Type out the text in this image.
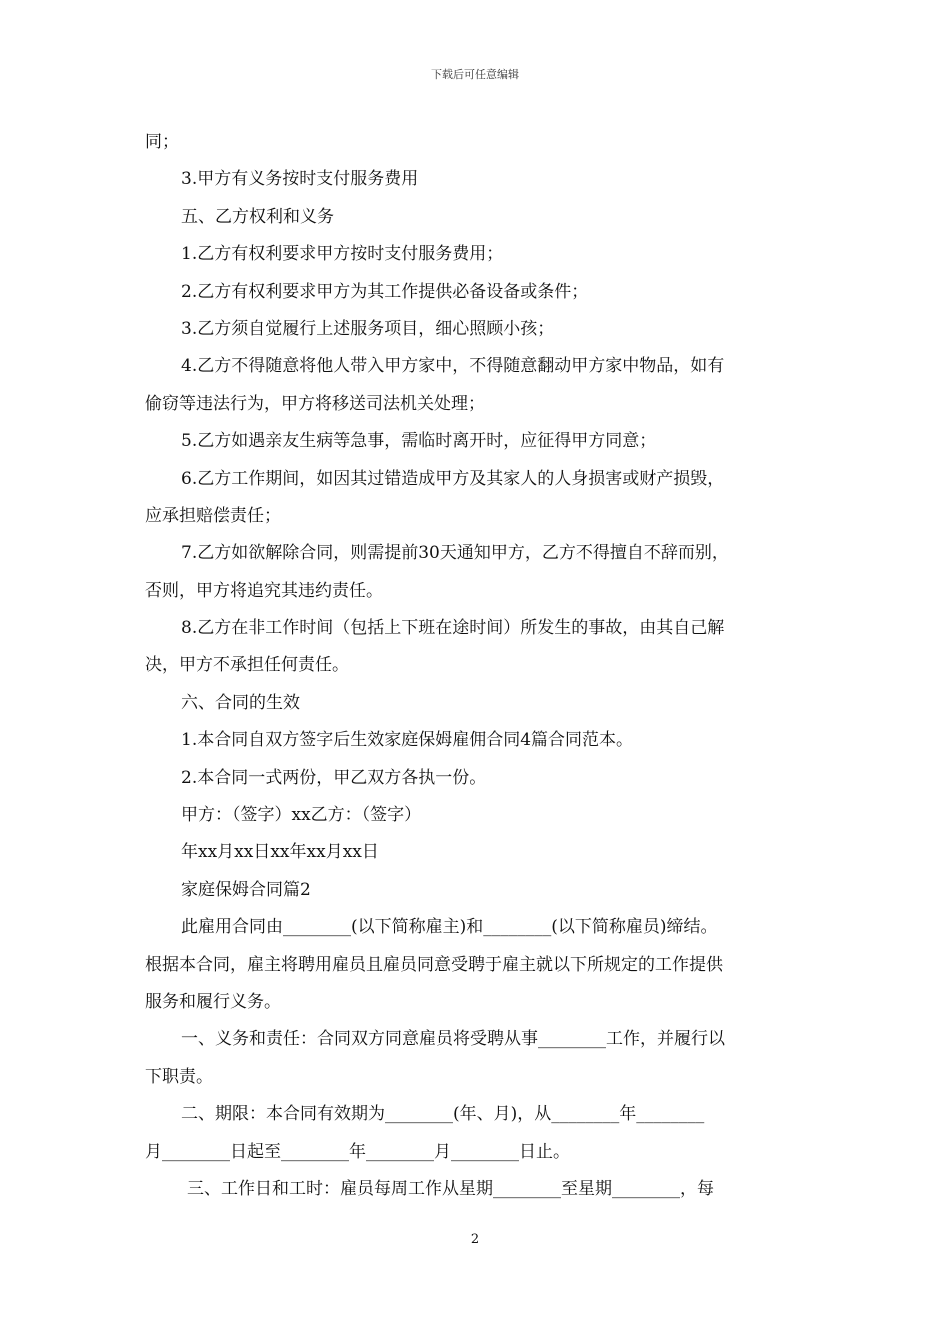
下载后可任意编辑
同；
3.甲方有义务按时支付服务费用
五、乙方权利和义务
1.乙方有权利要求甲方按时支付服务费用；
2.乙方有权利要求甲方为其工作提供必备设备或条件；
3.乙方须自觉履行上述服务项目，细心照顾小孩；
4.乙方不得随意将他人带入甲方家中，不得随意翻动甲方家中物品，如有
偷窃等违法行为，甲方将移送司法机关处理；
5.乙方如遇亲友生病等急事，需临时离开时，应征得甲方同意；
6.乙方工作期间，如因其过错造成甲方及其家人的人身损害或财产损毁，
应承担赔偿责任；
7.乙方如欲解除合同，则需提前30天通知甲方，乙方不得擅自不辞而别，
否则，甲方将追究其违约责任。
8.乙方在非工作时间（包括上下班在途时间）所发生的事故，由其自己解
决，甲方不承担任何责任。
六、合同的生效
1.本合同自双方签字后生效家庭保姆雇佣合同4篇合同范本。
2.本合同一式两份，甲乙双方各执一份。
甲方：（签字）xx乙方：（签字）
年xx月xx日xx年xx月xx日
家庭保姆合同篇2
此雇用合同由________(以下简称雇主)和________(以下简称雇员)缔结。
根据本合同，雇主将聘用雇员且雇员同意受聘于雇主就以下所规定的工作提供
服务和履行义务。
一、义务和责任：合同双方同意雇员将受聘从事________工作，并履行以
下职责。
二、期限：本合同有效期为________(年、月)，从________年________
月________日起至________年________月________日止。
三、工作日和工时：雇员每周工作从星期________至星期________，每
2
